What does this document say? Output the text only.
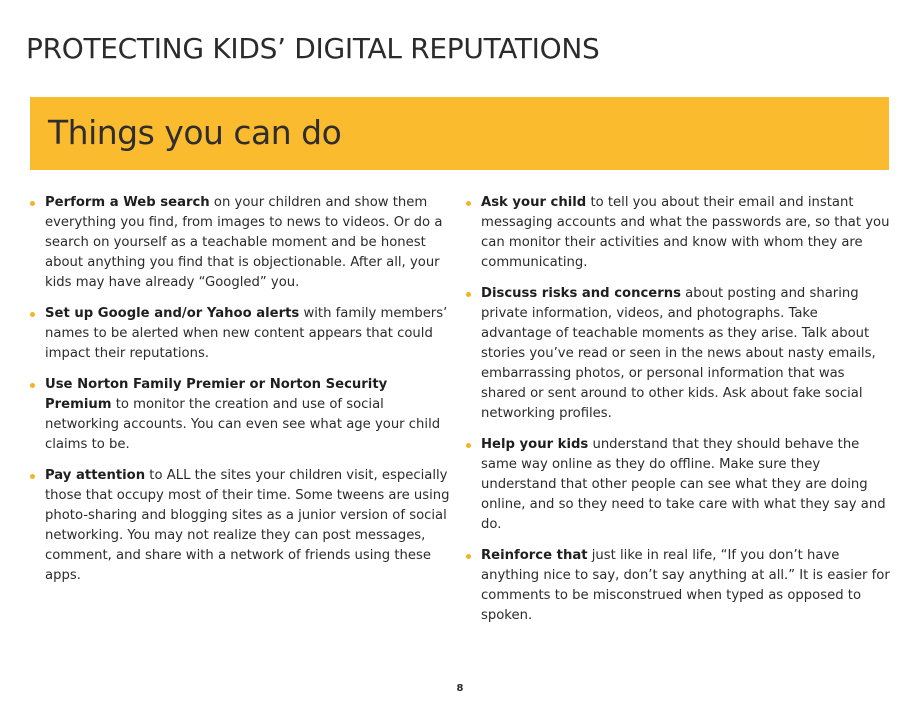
PROTECTING KIDS’ DIGITAL REPUTATIONS
Things you can do
Perform a Web search on your children and show them everything you find, from images to news to videos. Or do a search on yourself as a teachable moment and be honest about anything you find that is objectionable. After all, your kids may have already “Googled” you.
Set up Google and/or Yahoo alerts with family members’ names to be alerted when new content appears that could impact their reputations.
Use Norton Family Premier or Norton Security Premium to monitor the creation and use of social networking accounts. You can even see what age your child claims to be.
Pay attention to ALL the sites your children visit, especially those that occupy most of their time. Some tweens are using photo-sharing and blogging sites as a junior version of social networking. You may not realize they can post messages, comment, and share with a network of friends using these apps.
Ask your child to tell you about their email and instant messaging accounts and what the passwords are, so that you can monitor their activities and know with whom they are communicating.
Discuss risks and concerns about posting and sharing private information, videos, and photographs. Take advantage of teachable moments as they arise. Talk about stories you’ve read or seen in the news about nasty emails, embarrassing photos, or personal information that was shared or sent around to other kids. Ask about fake social networking profiles.
Help your kids understand that they should behave the same way online as they do offline. Make sure they understand that other people can see what they are doing online, and so they need to take care with what they say and do.
Reinforce that just like in real life, “If you don’t have anything nice to say, don’t say anything at all.” It is easier for comments to be misconstrued when typed as opposed to spoken.
8
